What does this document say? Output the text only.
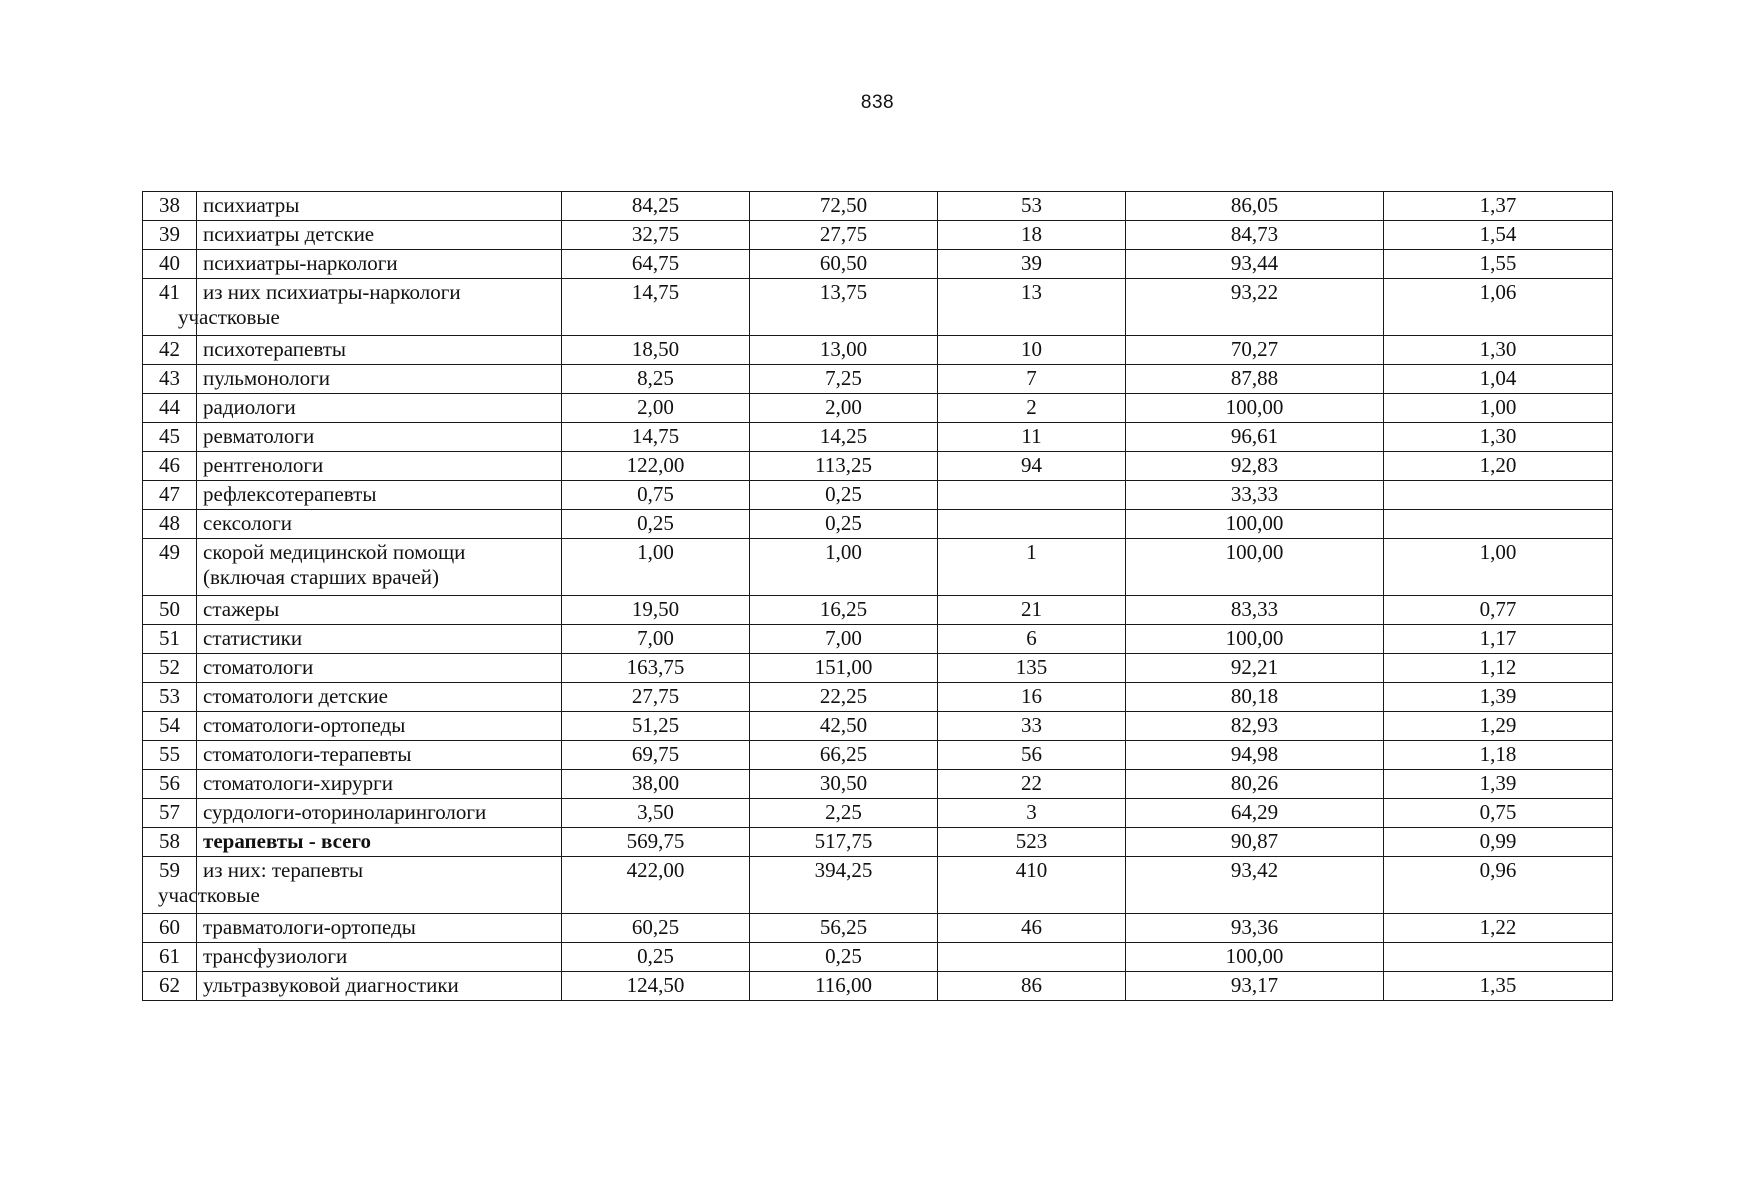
838
38	психиатры	84,25	72,50	53	86,05	1,37
39	психиатры детские	32,75	27,75	18	84,73	1,54
40	психиатры-наркологи	64,75	60,50	39	93,44	1,55
41	из них психиатры-наркологи
участковые	14,75	13,75	13	93,22	1,06
42	психотерапевты	18,50	13,00	10	70,27	1,30
43	пульмонологи	8,25	7,25	7	87,88	1,04
44	радиологи	2,00	2,00	2	100,00	1,00
45	ревматологи	14,75	14,25	11	96,61	1,30
46	рентгенологи	122,00	113,25	94	92,83	1,20
47	рефлексотерапевты	0,75	0,25		33,33	
48	сексологи	0,25	0,25		100,00	
49	скорой медицинской помощи
(включая старших врачей)	1,00	1,00	1	100,00	1,00
50	стажеры	19,50	16,25	21	83,33	0,77
51	статистики	7,00	7,00	6	100,00	1,17
52	стоматологи	163,75	151,00	135	92,21	1,12
53	стоматологи детские	27,75	22,25	16	80,18	1,39
54	стоматологи-ортопеды	51,25	42,50	33	82,93	1,29
55	стоматологи-терапевты	69,75	66,25	56	94,98	1,18
56	стоматологи-хирурги	38,00	30,50	22	80,26	1,39
57	сурдологи-оториноларингологи	3,50	2,25	3	64,29	0,75
58	терапевты - всего	569,75	517,75	523	90,87	0,99
59	из них: терапевты
участковые	422,00	394,25	410	93,42	0,96
60	травматологи-ортопеды	60,25	56,25	46	93,36	1,22
61	трансфузиологи	0,25	0,25		100,00	
62	ультразвуковой диагностики	124,50	116,00	86	93,17	1,35
